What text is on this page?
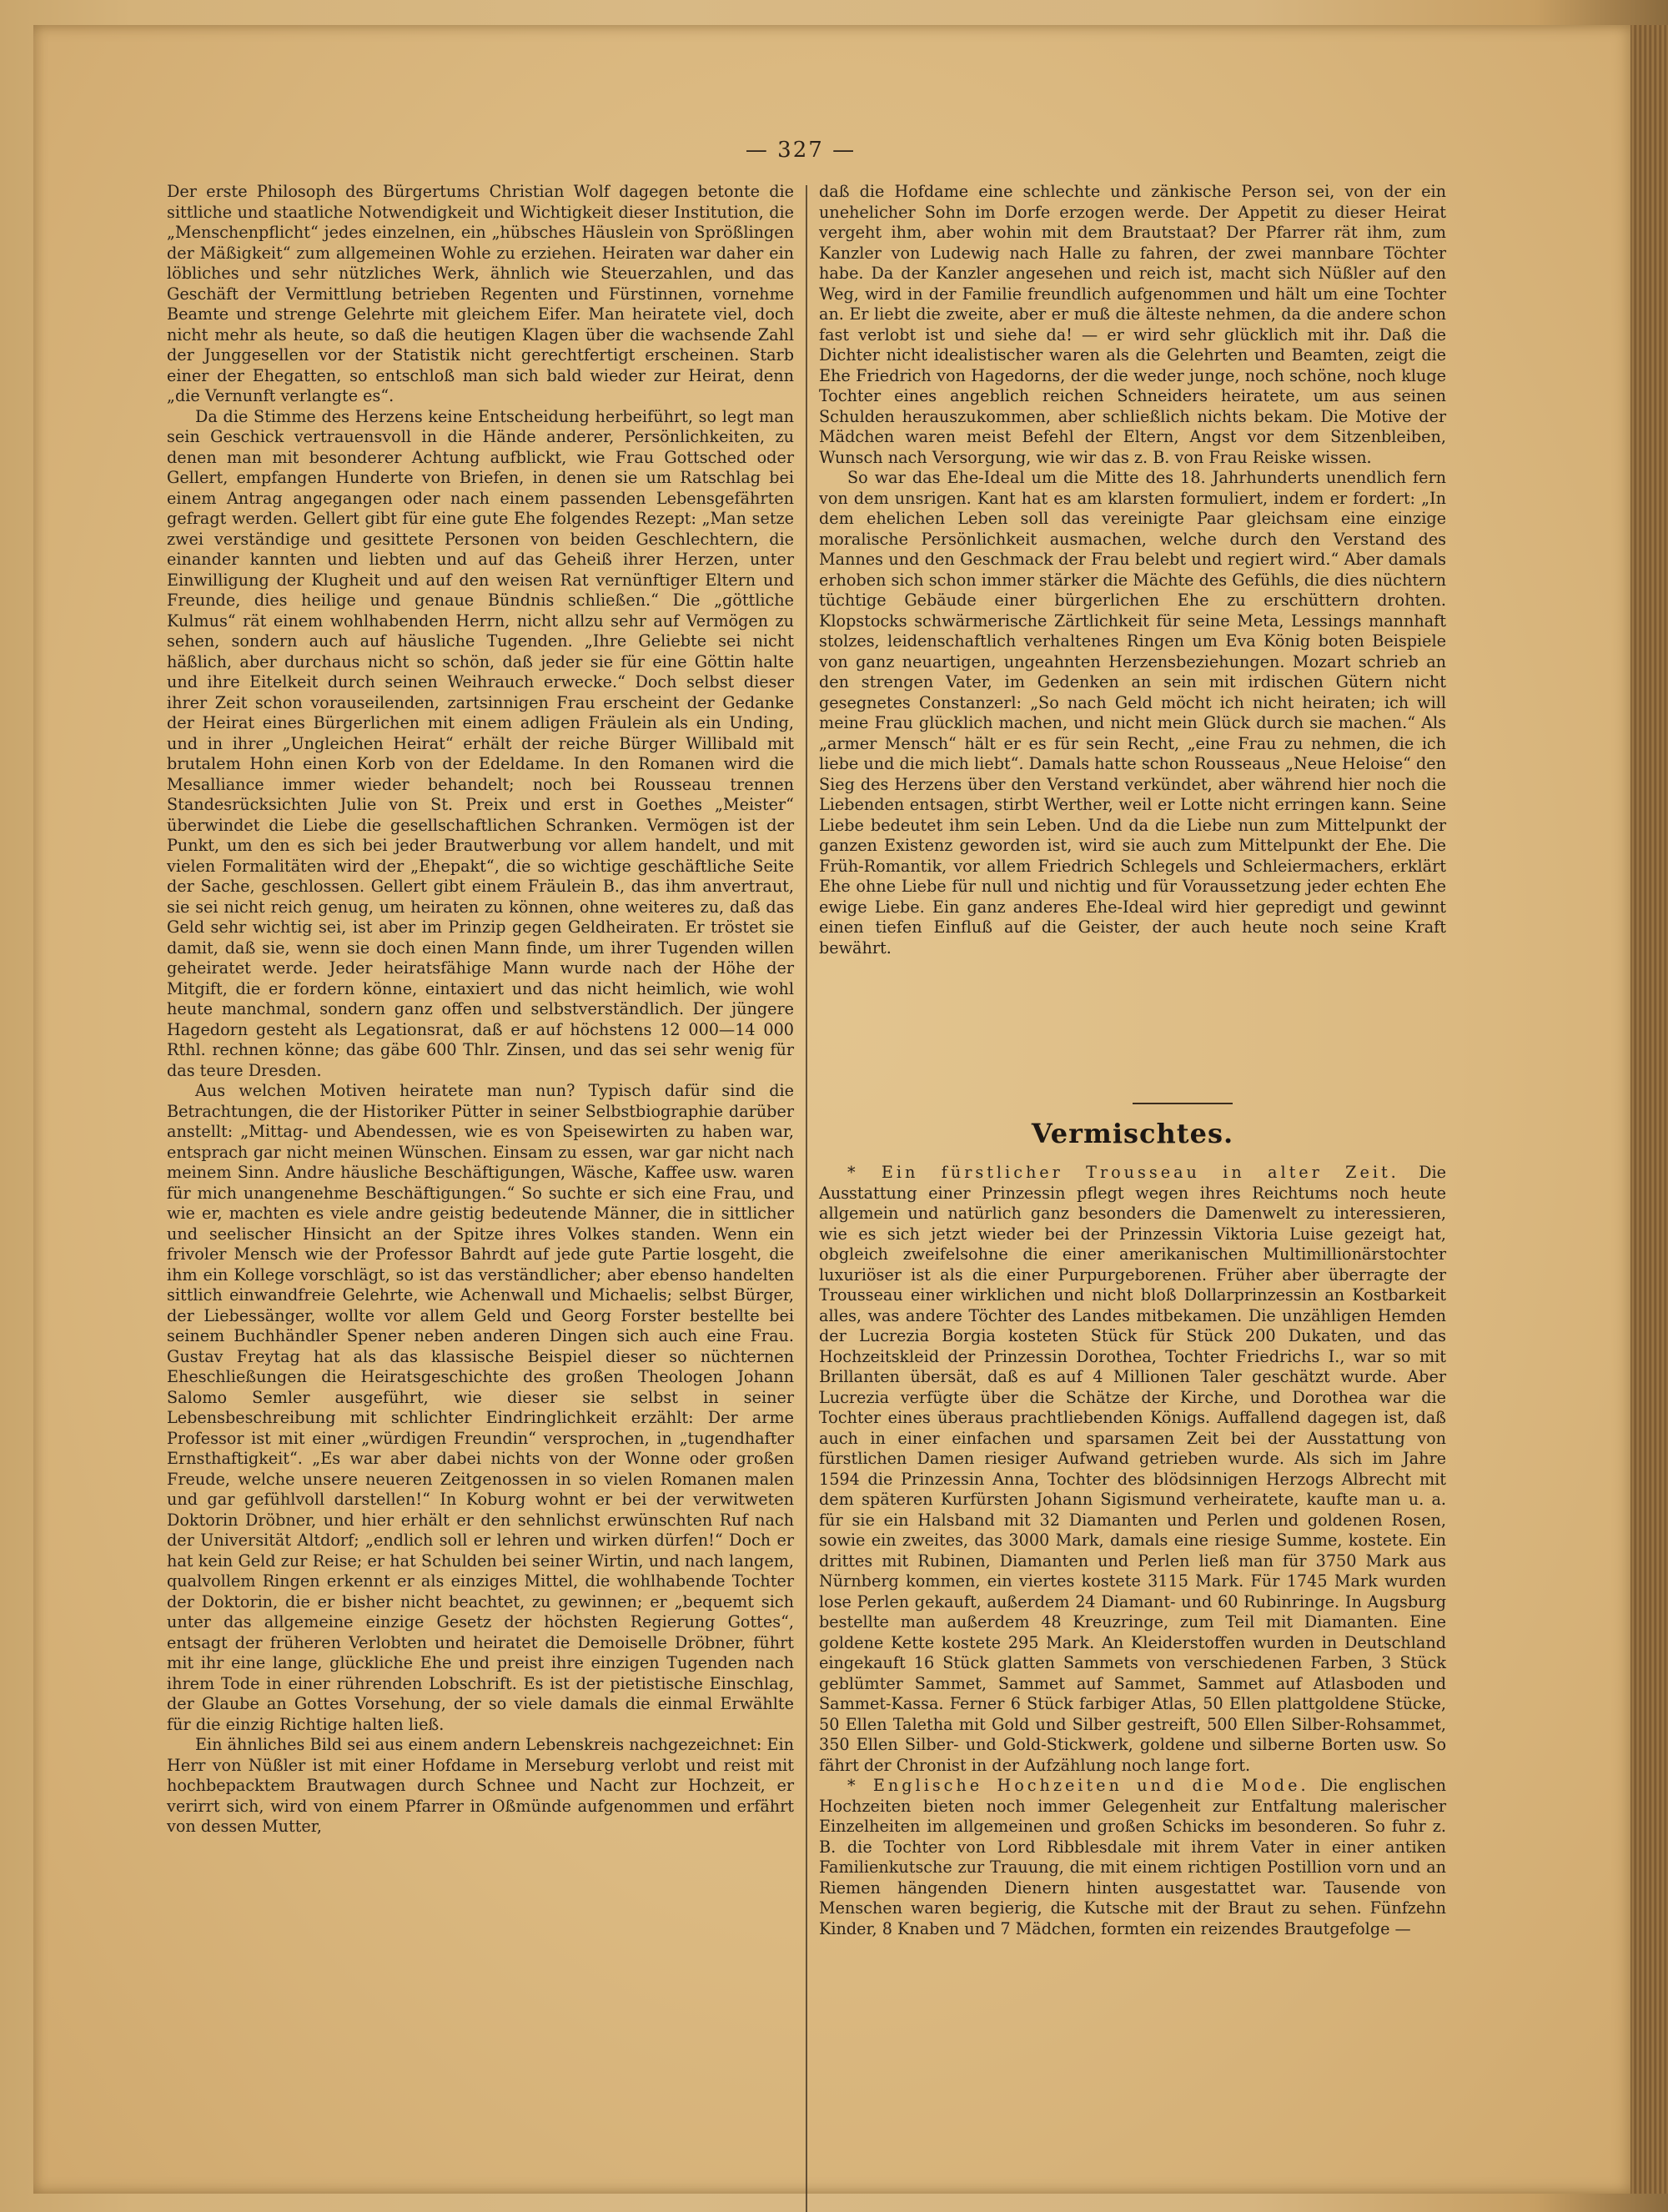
— 327 —

Der erste Philosoph des Bürgertums Christian Wolf dagegen betonte die sittliche und staatliche Notwendigkeit und Wichtigkeit dieser Institution, die „Menschenpflicht“ jedes einzelnen, ein „hübsches Häuslein von Sprößlingen der Mäßigkeit“ zum allgemeinen Wohle zu erziehen. Heiraten war daher ein löbliches und sehr nützliches Werk, ähnlich wie Steuerzahlen, und das Geschäft der Vermittlung betrieben Regenten und Fürstinnen, vornehme Beamte und strenge Gelehrte mit gleichem Eifer. Man heiratete viel, doch nicht mehr als heute, so daß die heutigen Klagen über die wachsende Zahl der Junggesellen vor der Statistik nicht gerechtfertigt erscheinen. Starb einer der Ehegatten, so entschloß man sich bald wieder zur Heirat, denn „die Vernunft verlangte es“.

Da die Stimme des Herzens keine Entscheidung herbeiführt, so legt man sein Geschick vertrauensvoll in die Hände anderer, Persönlichkeiten, zu denen man mit besonderer Achtung aufblickt, wie Frau Gottsched oder Gellert, empfangen Hunderte von Briefen, in denen sie um Ratschlag bei einem Antrag angegangen oder nach einem passenden Lebensgefährten gefragt werden. Gellert gibt für eine gute Ehe folgendes Rezept: „Man setze zwei verständige und gesittete Personen von beiden Geschlechtern, die einander kannten und liebten und auf das Geheiß ihrer Herzen, unter Einwilligung der Klugheit und auf den weisen Rat vernünftiger Eltern und Freunde, dies heilige und genaue Bündnis schließen.“ Die „göttliche Kulmus“ rät einem wohlhabenden Herrn, nicht allzu sehr auf Vermögen zu sehen, sondern auch auf häusliche Tugenden. „Ihre Geliebte sei nicht häßlich, aber durchaus nicht so schön, daß jeder sie für eine Göttin halte und ihre Eitelkeit durch seinen Weihrauch erwecke.“ Doch selbst dieser ihrer Zeit schon vorauseilenden, zartsinnigen Frau erscheint der Gedanke der Heirat eines Bürgerlichen mit einem adligen Fräulein als ein Unding, und in ihrer „Ungleichen Heirat“ erhält der reiche Bürger Willibald mit brutalem Hohn einen Korb von der Edeldame. In den Romanen wird die Mesalliance immer wieder behandelt; noch bei Rousseau trennen Standesrücksichten Julie von St. Preix und erst in Goethes „Meister“ überwindet die Liebe die gesellschaftlichen Schranken. Vermögen ist der Punkt, um den es sich bei jeder Brautwerbung vor allem handelt, und mit vielen Formalitäten wird der „Ehepakt“, die so wichtige geschäftliche Seite der Sache, geschlossen. Gellert gibt einem Fräulein B., das ihm anvertraut, sie sei nicht reich genug, um heiraten zu können, ohne weiteres zu, daß das Geld sehr wichtig sei, ist aber im Prinzip gegen Geldheiraten. Er tröstet sie damit, daß sie, wenn sie doch einen Mann finde, um ihrer Tugenden willen geheiratet werde. Jeder heiratsfähige Mann wurde nach der Höhe der Mitgift, die er fordern könne, eintaxiert und das nicht heimlich, wie wohl heute manchmal, sondern ganz offen und selbstverständlich. Der jüngere Hagedorn gesteht als Legationsrat, daß er auf höchstens 12 000—14 000 Rthl. rechnen könne; das gäbe 600 Thlr. Zinsen, und das sei sehr wenig für das teure Dresden.

Aus welchen Motiven heiratete man nun? Typisch dafür sind die Betrachtungen, die der Historiker Pütter in seiner Selbstbiographie darüber anstellt: „Mittag- und Abendessen, wie es von Speisewirten zu haben war, entsprach gar nicht meinen Wünschen. Einsam zu essen, war gar nicht nach meinem Sinn. Andre häusliche Beschäftigungen, Wäsche, Kaffee usw. waren für mich unangenehme Beschäftigungen.“ So suchte er sich eine Frau, und wie er, machten es viele andre geistig bedeutende Männer, die in sittlicher und seelischer Hinsicht an der Spitze ihres Volkes standen. Wenn ein frivoler Mensch wie der Professor Bahrdt auf jede gute Partie losgeht, die ihm ein Kollege vorschlägt, so ist das verständlicher; aber ebenso handelten sittlich einwandfreie Gelehrte, wie Achenwall und Michaelis; selbst Bürger, der Liebessänger, wollte vor allem Geld und Georg Forster bestellte bei seinem Buchhändler Spener neben anderen Dingen sich auch eine Frau. Gustav Freytag hat als das klassische Beispiel dieser so nüchternen Eheschließungen die Heiratsgeschichte des großen Theologen Johann Salomo Semler ausgeführt, wie dieser sie selbst in seiner Lebensbeschreibung mit schlichter Eindringlichkeit erzählt: Der arme Professor ist mit einer „würdigen Freundin“ versprochen, in „tugendhafter Ernsthaftigkeit“. „Es war aber dabei nichts von der Wonne oder großen Freude, welche unsere neueren Zeitgenossen in so vielen Romanen malen und gar gefühlvoll darstellen!“ In Koburg wohnt er bei der verwitweten Doktorin Dröbner, und hier erhält er den sehnlichst erwünschten Ruf nach der Universität Altdorf; „endlich soll er lehren und wirken dürfen!“ Doch er hat kein Geld zur Reise; er hat Schulden bei seiner Wirtin, und nach langem, qualvollem Ringen erkennt er als einziges Mittel, die wohlhabende Tochter der Doktorin, die er bisher nicht beachtet, zu gewinnen; er „bequemt sich unter das allgemeine einzige Gesetz der höchsten Regierung Gottes“, entsagt der früheren Verlobten und heiratet die Demoiselle Dröbner, führt mit ihr eine lange, glückliche Ehe und preist ihre einzigen Tugenden nach ihrem Tode in einer rührenden Lobschrift. Es ist der pietistische Einschlag, der Glaube an Gottes Vorsehung, der so viele damals die einmal Erwählte für die einzig Richtige halten ließ.

Ein ähnliches Bild sei aus einem andern Lebenskreis nachgezeichnet: Ein Herr von Nüßler ist mit einer Hofdame in Merseburg verlobt und reist mit hochbepacktem Brautwagen durch Schnee und Nacht zur Hochzeit, er verirrt sich, wird von einem Pfarrer in Oßmünde aufgenommen und erfährt von dessen Mutter,

daß die Hofdame eine schlechte und zänkische Person sei, von der ein unehelicher Sohn im Dorfe erzogen werde. Der Appetit zu dieser Heirat vergeht ihm, aber wohin mit dem Brautstaat? Der Pfarrer rät ihm, zum Kanzler von Ludewig nach Halle zu fahren, der zwei mannbare Töchter habe. Da der Kanzler angesehen und reich ist, macht sich Nüßler auf den Weg, wird in der Familie freundlich aufgenommen und hält um eine Tochter an. Er liebt die zweite, aber er muß die älteste nehmen, da die andere schon fast verlobt ist und siehe da! — er wird sehr glücklich mit ihr. Daß die Dichter nicht idealistischer waren als die Gelehrten und Beamten, zeigt die Ehe Friedrich von Hagedorns, der die weder junge, noch schöne, noch kluge Tochter eines angeblich reichen Schneiders heiratete, um aus seinen Schulden herauszukommen, aber schließlich nichts bekam. Die Motive der Mädchen waren meist Befehl der Eltern, Angst vor dem Sitzenbleiben, Wunsch nach Versorgung, wie wir das z. B. von Frau Reiske wissen.

So war das Ehe-Ideal um die Mitte des 18. Jahrhunderts unendlich fern von dem unsrigen. Kant hat es am klarsten formuliert, indem er fordert: „In dem ehelichen Leben soll das vereinigte Paar gleichsam eine einzige moralische Persönlichkeit ausmachen, welche durch den Verstand des Mannes und den Geschmack der Frau belebt und regiert wird.“ Aber damals erhoben sich schon immer stärker die Mächte des Gefühls, die dies nüchtern tüchtige Gebäude einer bürgerlichen Ehe zu erschüttern drohten. Klopstocks schwärmerische Zärtlichkeit für seine Meta, Lessings mannhaft stolzes, leidenschaftlich verhaltenes Ringen um Eva König boten Beispiele von ganz neuartigen, ungeahnten Herzensbeziehungen. Mozart schrieb an den strengen Vater, im Gedenken an sein mit irdischen Gütern nicht gesegnetes Constanzerl: „So nach Geld möcht ich nicht heiraten; ich will meine Frau glücklich machen, und nicht mein Glück durch sie machen.“ Als „armer Mensch“ hält er es für sein Recht, „eine Frau zu nehmen, die ich liebe und die mich liebt“. Damals hatte schon Rousseaus „Neue Heloise“ den Sieg des Herzens über den Verstand verkündet, aber während hier noch die Liebenden entsagen, stirbt Werther, weil er Lotte nicht erringen kann. Seine Liebe bedeutet ihm sein Leben. Und da die Liebe nun zum Mittelpunkt der ganzen Existenz geworden ist, wird sie auch zum Mittelpunkt der Ehe. Die Früh-Romantik, vor allem Friedrich Schlegels und Schleiermachers, erklärt Ehe ohne Liebe für null und nichtig und für Voraussetzung jeder echten Ehe ewige Liebe. Ein ganz anderes Ehe-Ideal wird hier gepredigt und gewinnt einen tiefen Einfluß auf die Geister, der auch heute noch seine Kraft bewährt.

Vermischtes.

* Ein fürstlicher Trousseau in alter Zeit. Die Ausstattung einer Prinzessin pflegt wegen ihres Reichtums noch heute allgemein und natürlich ganz besonders die Damenwelt zu interessieren, wie es sich jetzt wieder bei der Prinzessin Viktoria Luise gezeigt hat, obgleich zweifelsohne die einer amerikanischen Multimillionärstochter luxuriöser ist als die einer Purpurgeborenen. Früher aber überragte der Trousseau einer wirklichen und nicht bloß Dollarprinzessin an Kostbarkeit alles, was andere Töchter des Landes mitbekamen. Die unzähligen Hemden der Lucrezia Borgia kosteten Stück für Stück 200 Dukaten, und das Hochzeitskleid der Prinzessin Dorothea, Tochter Friedrichs I., war so mit Brillanten übersät, daß es auf 4 Millionen Taler geschätzt wurde. Aber Lucrezia verfügte über die Schätze der Kirche, und Dorothea war die Tochter eines überaus prachtliebenden Königs. Auffallend dagegen ist, daß auch in einer einfachen und sparsamen Zeit bei der Ausstattung von fürstlichen Damen riesiger Aufwand getrieben wurde. Als sich im Jahre 1594 die Prinzessin Anna, Tochter des blödsinnigen Herzogs Albrecht mit dem späteren Kurfürsten Johann Sigismund verheiratete, kaufte man u. a. für sie ein Halsband mit 32 Diamanten und Perlen und goldenen Rosen, sowie ein zweites, das 3000 Mark, damals eine riesige Summe, kostete. Ein drittes mit Rubinen, Diamanten und Perlen ließ man für 3750 Mark aus Nürnberg kommen, ein viertes kostete 3115 Mark. Für 1745 Mark wurden lose Perlen gekauft, außerdem 24 Diamant- und 60 Rubinringe. In Augsburg bestellte man außerdem 48 Kreuzringe, zum Teil mit Diamanten. Eine goldene Kette kostete 295 Mark. An Kleiderstoffen wurden in Deutschland eingekauft 16 Stück glatten Sammets von verschiedenen Farben, 3 Stück geblümter Sammet, Sammet auf Sammet, Sammet auf Atlasboden und Sammet-Kassa. Ferner 6 Stück farbiger Atlas, 50 Ellen plattgoldene Stücke, 50 Ellen Taletha mit Gold und Silber gestreift, 500 Ellen Silber-Rohsammet, 350 Ellen Silber- und Gold-Stickwerk, goldene und silberne Borten usw. So fährt der Chronist in der Aufzählung noch lange fort.

* Englische Hochzeiten und die Mode. Die englischen Hochzeiten bieten noch immer Gelegenheit zur Entfaltung malerischer Einzelheiten im allgemeinen und großen Schicks im besonderen. So fuhr z. B. die Tochter von Lord Ribblesdale mit ihrem Vater in einer antiken Familienkutsche zur Trauung, die mit einem richtigen Postillion vorn und an Riemen hängenden Dienern hinten ausgestattet war. Tausende von Menschen waren begierig, die Kutsche mit der Braut zu sehen. Fünfzehn Kinder, 8 Knaben und 7 Mädchen, formten ein reizendes Brautgefolge —
